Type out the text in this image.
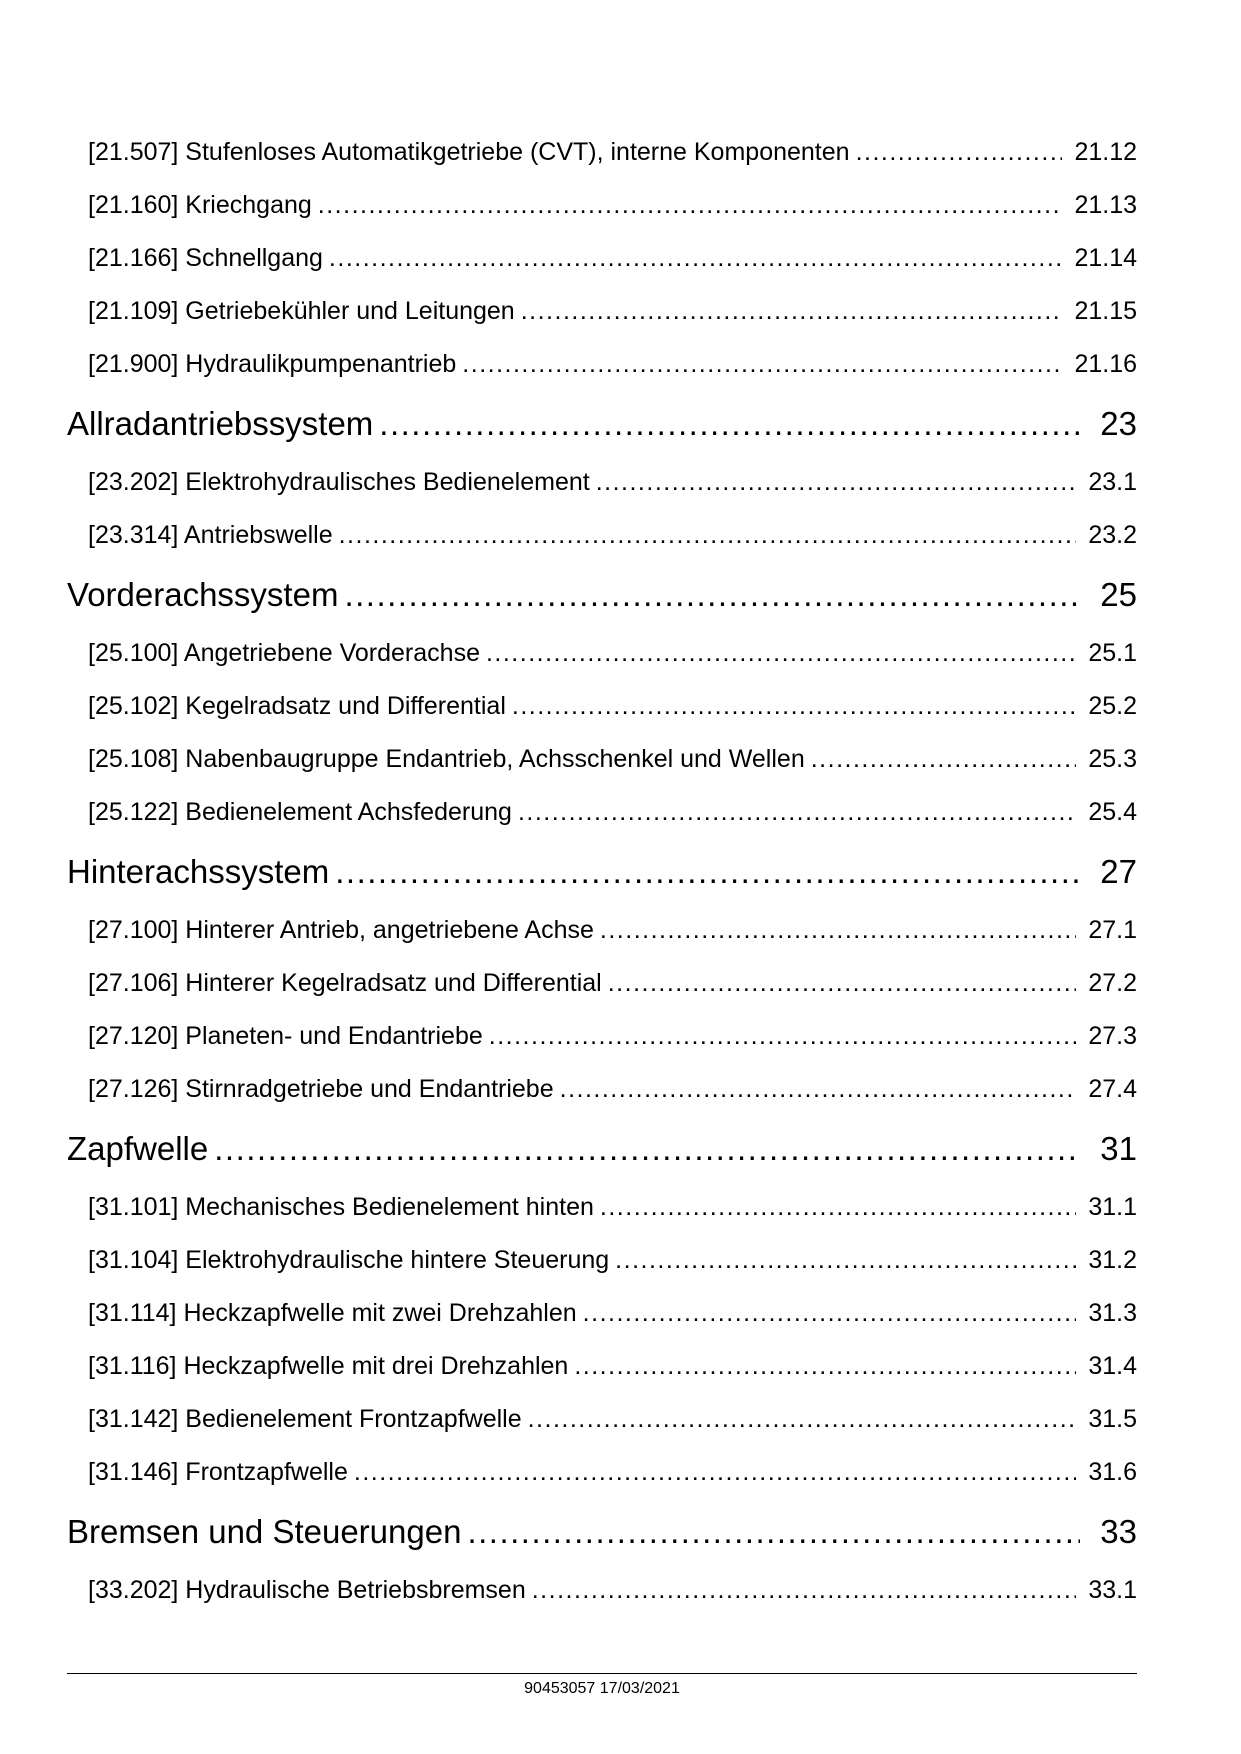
[21.507] Stufenloses Automatikgetriebe (CVT), interne Komponenten .....	21.12
[21.160] Kriechgang .....	21.13
[21.166] Schnellgang .....	21.14
[21.109] Getriebekühler und Leitungen .....	21.15
[21.900] Hydraulikpumpenantrieb .....	21.16
Allradantriebssystem .....	23
[23.202] Elektrohydraulisches Bedienelement .....	23.1
[23.314] Antriebswelle .....	23.2
Vorderachssystem .....	25
[25.100] Angetriebene Vorderachse .....	25.1
[25.102] Kegelradsatz und Differential .....	25.2
[25.108] Nabenbaugruppe Endantrieb, Achsschenkel und Wellen .....	25.3
[25.122] Bedienelement Achsfederung .....	25.4
Hinterachssystem .....	27
[27.100] Hinterer Antrieb, angetriebene Achse .....	27.1
[27.106] Hinterer Kegelradsatz und Differential .....	27.2
[27.120] Planeten- und Endantriebe .....	27.3
[27.126] Stirnradgetriebe und Endantriebe .....	27.4
Zapfwelle .....	31
[31.101] Mechanisches Bedienelement hinten .....	31.1
[31.104] Elektrohydraulische hintere Steuerung .....	31.2
[31.114] Heckzapfwelle mit zwei Drehzahlen .....	31.3
[31.116] Heckzapfwelle mit drei Drehzahlen .....	31.4
[31.142] Bedienelement Frontzapfwelle .....	31.5
[31.146] Frontzapfwelle .....	31.6
Bremsen und Steuerungen .....	33
[33.202] Hydraulische Betriebsbremsen .....	33.1
90453057 17/03/2021
